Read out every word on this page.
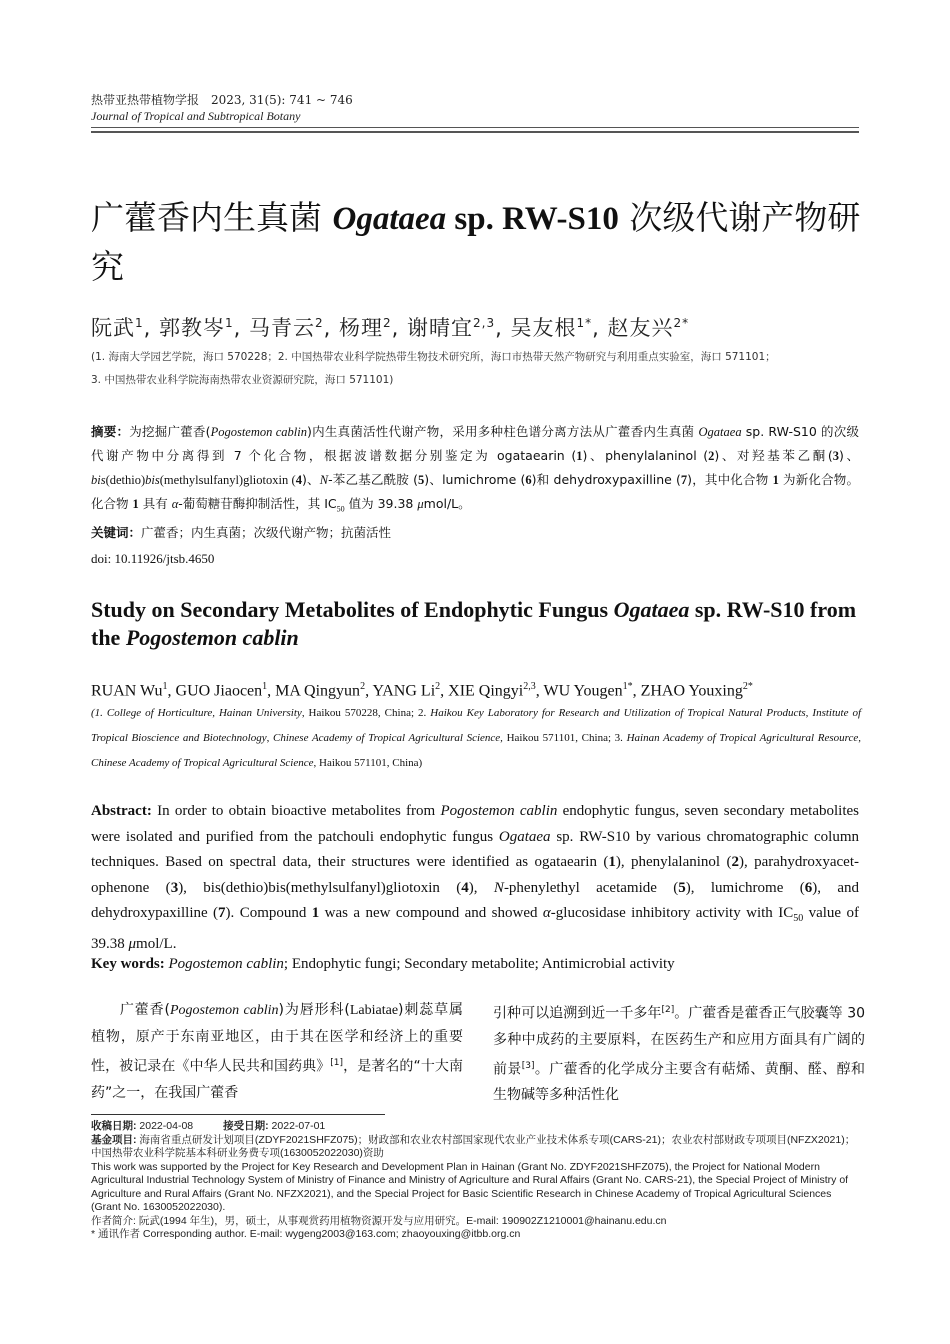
热带亚热带植物学报　2023, 31(5): 741 ~ 746
Journal of Tropical and Subtropical Botany
广藿香内生真菌 Ogataea sp. RW-S10 次级代谢产物研究
阮武$^1$, 郭教岑$^1$, 马青云$^2$, 杨理$^2$, 谢晴宜$^{2,3}$, 吴友根$^{1*}$, 赵友兴$^{2*}$
(1. 海南大学园艺学院，海口 570228；2. 中国热带农业科学院热带生物技术研究所，海口市热带天然产物研究与利用重点实验室，海口 571101；
3. 中国热带农业科学院海南热带农业资源研究院，海口 571101)
摘要：为挖掘广藿香(Pogostemon cablin)内生真菌活性代谢产物，采用多种柱色谱分离方法从广藿香内生真菌 Ogataea sp. RW-S10 的次级代谢产物中分离得到 7 个化合物，根据波谱数据分别鉴定为 ogataearin (1)、phenylalaninol (2)、对羟基苯乙酮(3)、bis(dethio)bis(methylsulfanyl)gliotoxin (4)、N-苯乙基乙酰胺 (5)、lumichrome (6)和 dehydroxypaxilline (7)，其中化合物 1 为新化合物。化合物 1 具有 α-葡萄糖苷酶抑制活性，其 $IC_{50}$ 值为 39.38 μmol/L。
关键词：广藿香；内生真菌；次级代谢产物；抗菌活性
doi: 10.11926/jtsb.4650
Study on Secondary Metabolites of Endophytic Fungus Ogataea sp. RW-S10 from the Pogostemon cablin
RUAN Wu$^1$, GUO Jiaocen$^1$, MA Qingyun$^2$, YANG Li$^2$, XIE Qingyi$^{2,3}$, WU Yougen$^{1*}$, ZHAO Youxing$^{2*}$
(1. College of Horticulture, Hainan University, Haikou 570228, China; 2. Haikou Key Laboratory for Research and Utilization of Tropical Natural Products, Institute of Tropical Bioscience and Biotechnology, Chinese Academy of Tropical Agricultural Science, Haikou 571101, China; 3. Hainan Academy of Tropical Agricultural Resource, Chinese Academy of Tropical Agricultural Science, Haikou 571101, China)
Abstract: In order to obtain bioactive metabolites from Pogostemon cablin endophytic fungus, seven secondary metabolites were isolated and purified from the patchouli endophytic fungus Ogataea sp. RW-S10 by various chromatographic column techniques. Based on spectral data, their structures were identified as ogataearin (1), phenylalaninol (2), parahydroxyacet-ophenone (3), bis(dethio)bis(methylsulfanyl)gliotoxin (4), N-phenylethyl acetamide (5), lumichrome (6), and dehydroxypaxilline (7). Compound 1 was a new compound and showed α-glucosidase inhibitory activity with $IC_{50}$ value of 39.38 μmol/L.
Key words: Pogostemon cablin; Endophytic fungi; Secondary metabolite; Antimicrobial activity
广藿香(Pogostemon cablin)为唇形科(Labiatae)刺蕊草属植物，原产于东南亚地区，由于其在医学和经济上的重要性，被记录在《中华人民共和国药典》[1]，是著名的“十大南药”之一，在我国广藿香
引种可以追溯到近一千多年[2]。广藿香是藿香正气胶囊等 30 多种中成药的主要原料，在医药生产和应用方面具有广阔的前景[3]。广藿香的化学成分主要含有萜烯、黄酮、醛、醇和生物碱等多种活性化

收稿日期: 2022-04-08	接受日期: 2022-07-01

基金项目: 海南省重点研发计划项目(ZDYF2021SHFZ075)；财政部和农业农村部国家现代农业产业技术体系专项(CARS-21)；农业农村部财政专项项目(NFZX2021)；中国热带农业科学院基本科研业务费专项(1630052022030)资助

This work was supported by the Project for Key Research and Development Plan in Hainan (Grant No. ZDYF2021SHFZ075), the Project for National Modern Agricultural Industrial Technology System of Ministry of Finance and Ministry of Agriculture and Rural Affairs (Grant No. CARS-21), the Special Project of Ministry of Agriculture and Rural Affairs (Grant No. NFZX2021), and the Special Project for Basic Scientific Research in Chinese Academy of Tropical Agricultural Sciences (Grant No. 1630052022030).

作者简介: 阮武(1994 年生)，男，硕士，从事观赏药用植物资源开发与应用研究。E-mail: 190902Z1210001@hainanu.edu.cn

* 通讯作者 Corresponding author. E-mail: wygeng2003@163.com; zhaoyouxing@itbb.org.cn
